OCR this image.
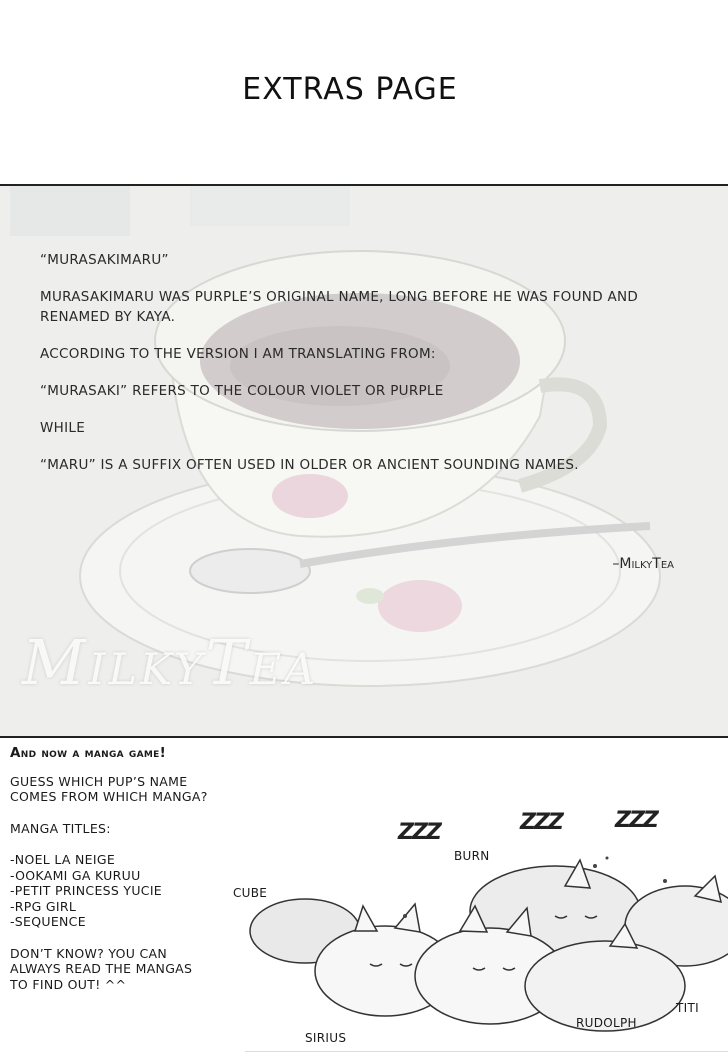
EXTRAS PAGE

“MURASAKIMARU”

MURASAKIMARU WAS PURPLE’S ORIGINAL NAME, LONG BEFORE HE WAS FOUND AND RENAMED BY KAYA.

ACCORDING TO THE VERSION I AM TRANSLATING FROM:

“MURASAKI” REFERS TO THE COLOUR VIOLET OR PURPLE

WHILE

“MARU” IS A SUFFIX OFTEN USED IN OLDER OR ANCIENT SOUNDING NAMES.

–MilkyTea
MilkyTea
And now a manga game!
GUESS WHICH PUP’S NAME
COMES FROM WHICH MANGA?
MANGA TITLES:
-NOEL LA NEIGE
-OOKAMI GA KURUU
-PETIT PRINCESS YUCIE
-RPG GIRL
-SEQUENCE
DON’T KNOW? YOU CAN
ALWAYS READ THE MANGAS
TO FIND OUT! ^^
ZZZ	ZZZ ZZZ
CUBE
BURN
SIRIUS
RUDOLPH
TITI
